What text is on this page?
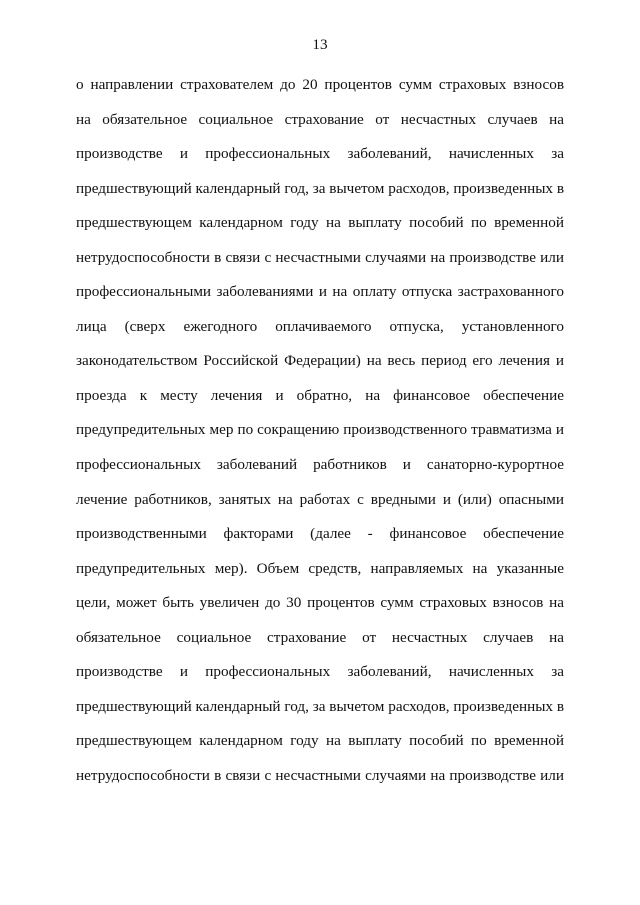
13
о направлении страхователем до 20 процентов сумм страховых взносов
на обязательное социальное страхование от несчастных случаев на
производстве и профессиональных заболеваний, начисленных за
предшествующий календарный год, за вычетом расходов, произведенных в
предшествующем календарном году на выплату пособий по временной
нетрудоспособности в связи с несчастными случаями на производстве или
профессиональными заболеваниями и на оплату отпуска застрахованного
лица (сверх ежегодного оплачиваемого отпуска, установленного
законодательством Российской Федерации) на весь период его лечения и
проезда к месту лечения и обратно, на финансовое обеспечение
предупредительных мер по сокращению производственного травматизма и
профессиональных заболеваний работников и санаторно-курортное
лечение работников, занятых на работах с вредными и (или) опасными
производственными факторами (далее - финансовое обеспечение
предупредительных мер). Объем средств, направляемых на указанные
цели, может быть увеличен до 30 процентов сумм страховых взносов на
обязательное социальное страхование от несчастных случаев на
производстве и профессиональных заболеваний, начисленных за
предшествующий календарный год, за вычетом расходов, произведенных в
предшествующем календарном году на выплату пособий по временной
нетрудоспособности в связи с несчастными случаями на производстве или
